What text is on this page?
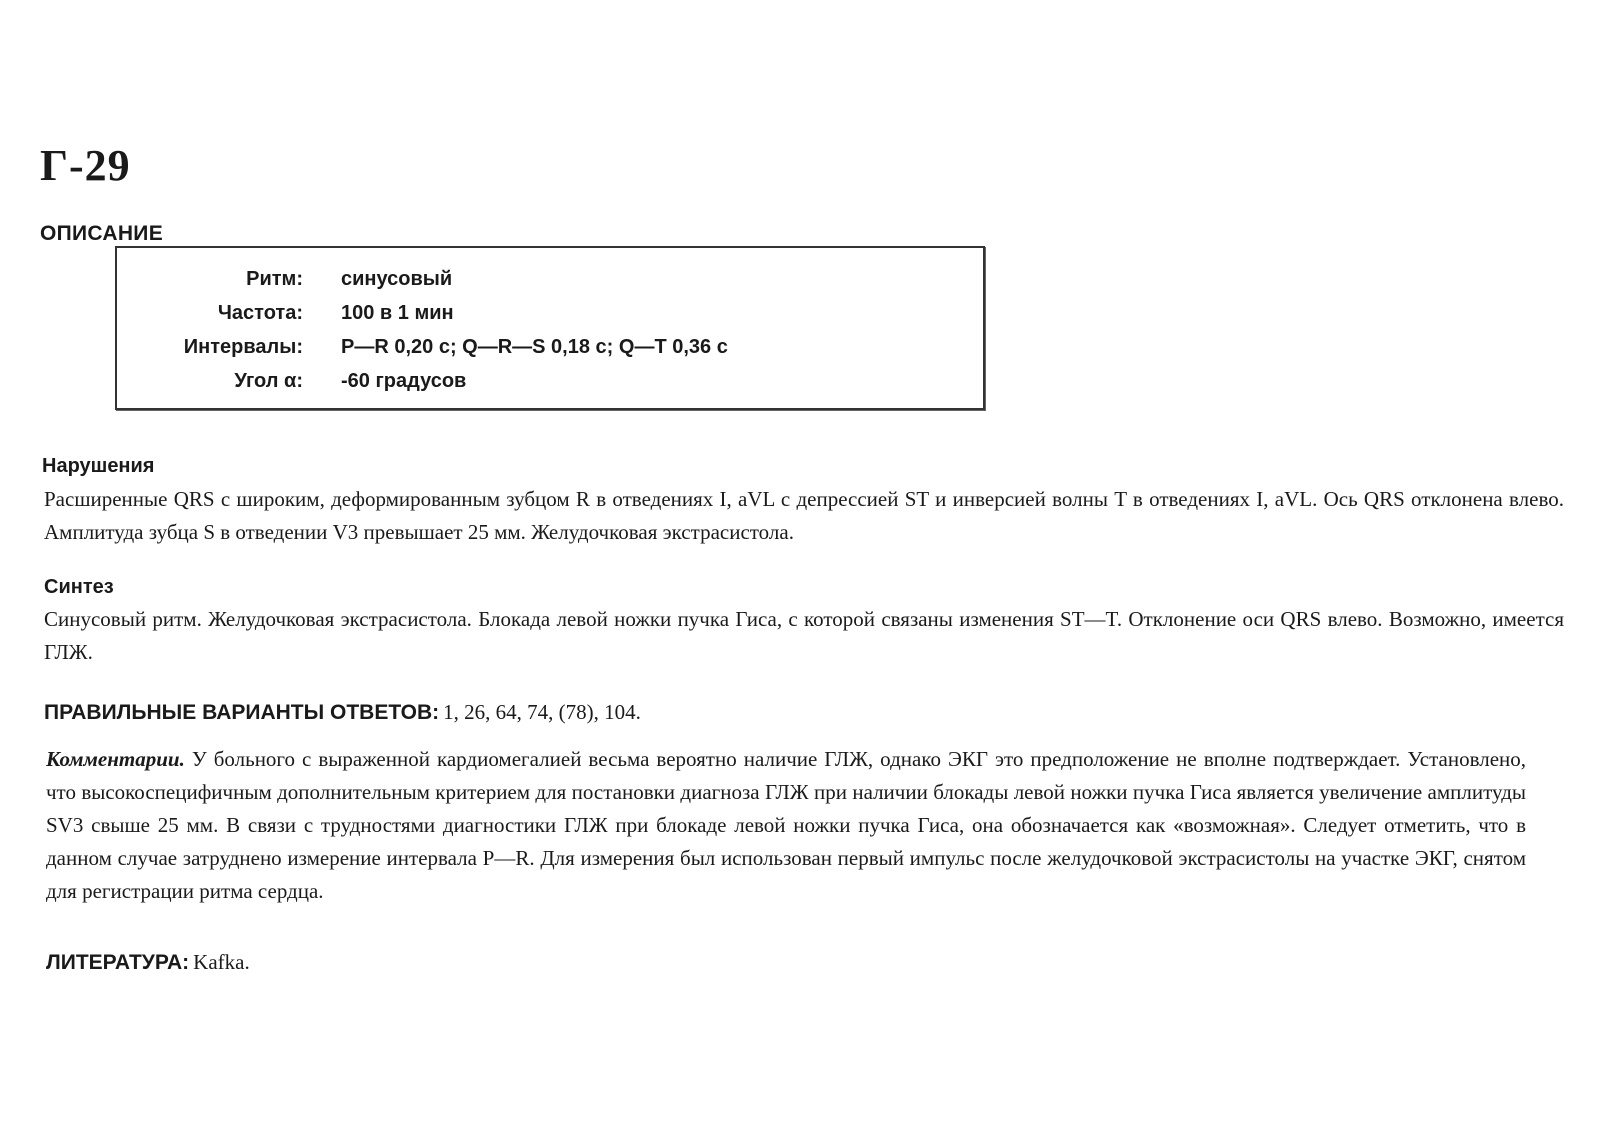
Г-29
ОПИСАНИЕ
Ритм: синусовый
Частота: 100 в 1 мин
Интервалы: P—R 0,20 с; Q—R—S 0,18 с; Q—T 0,36 с
Угол α: -60 градусов
Нарушения
Расширенные QRS с широким, деформированным зубцом R в отведениях I, aVL с депрессией ST и инверсией волны T в отведениях I, aVL. Ось QRS отклонена влево. Амплитуда зубца S в отведении V3 превышает 25 мм. Желудочковая экстрасистола.
Синтез
Синусовый ритм. Желудочковая экстрасистола. Блокада левой ножки пучка Гиса, с которой связаны изменения ST—T. Отклонение оси QRS влево. Возможно, имеется ГЛЖ.
ПРАВИЛЬНЫЕ ВАРИАНТЫ ОТВЕТОВ: 1, 26, 64, 74, (78), 104.
Комментарии. У больного с выраженной кардиомегалией весьма вероятно наличие ГЛЖ, однако ЭКГ это предположение не вполне подтверждает. Установлено, что высокоспецифичным дополнительным критерием для постановки диагноза ГЛЖ при наличии блокады левой ножки пучка Гиса является увеличение амплитуды SV3 свыше 25 мм. В связи с трудностями диагностики ГЛЖ при блокаде левой ножки пучка Гиса, она обозначается как «возможная». Следует отметить, что в данном случае затруднено измерение интервала P—R. Для измерения был использован первый импульс после желудочковой экстрасистолы на участке ЭКГ, снятом для регистрации ритма сердца.
ЛИТЕРАТУРА: Kafka.
